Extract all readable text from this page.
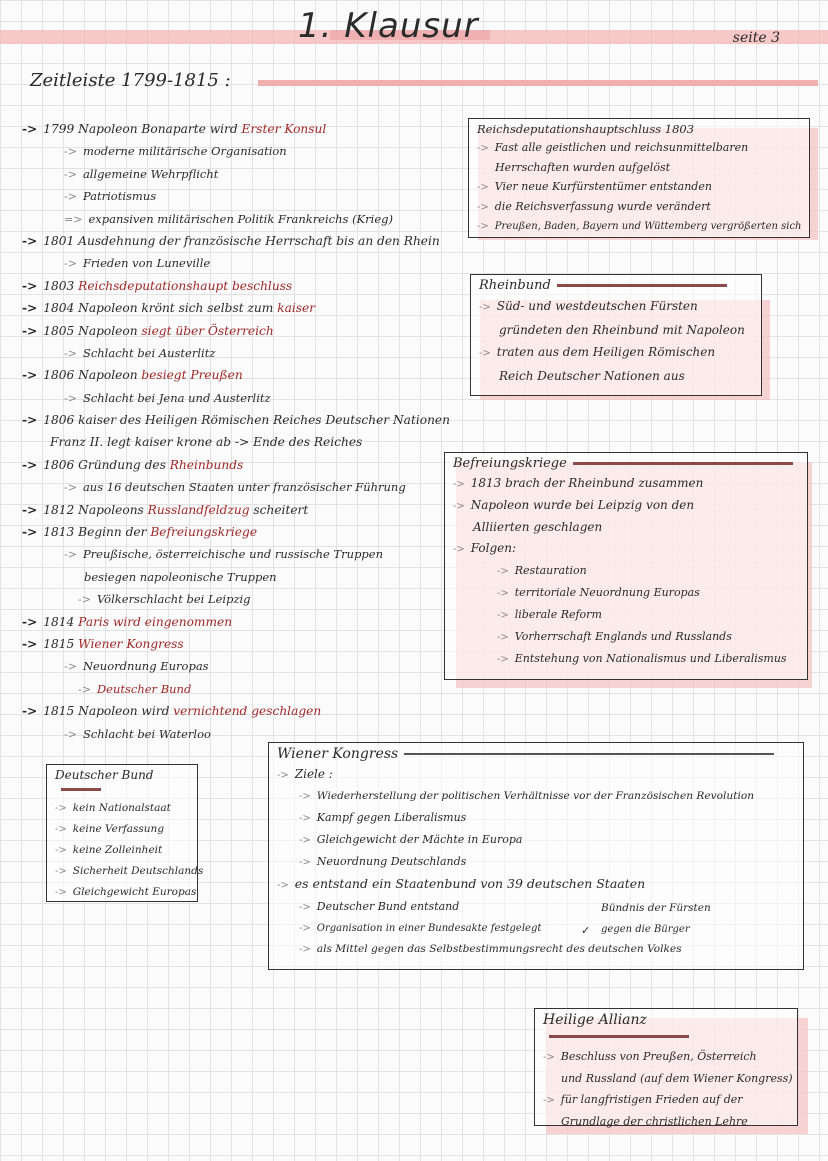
1. Klausur	seite 3
Zeitleiste 1799-1815 :
-> 1799 Napoleon Bonaparte wird Erster Konsul
-> moderne militärische Organisation
-> allgemeine Wehrpflicht
-> Patriotismus
=> expansiven militärischen Politik Frankreichs (Krieg)
-> 1801 Ausdehnung der französische Herrschaft bis an den Rhein
-> Frieden von Luneville
-> 1803 Reichsdeputationshaupt beschluss
-> 1804 Napoleon krönt sich selbst zum kaiser
-> 1805 Napoleon siegt über Österreich
-> Schlacht bei Austerlitz
-> 1806 Napoleon besiegt Preußen
-> Schlacht bei Jena und Austerlitz
-> 1806 kaiser des Heiligen Römischen Reiches Deutscher Nationen
Franz II. legt kaiser krone ab -> Ende des Reiches
-> 1806 Gründung des Rheinbunds
-> aus 16 deutschen Staaten unter französischer Führung
-> 1812 Napoleons Russlandfeldzug scheitert
-> 1813 Beginn der Befreiungskriege
-> Preußische, österreichische und russische Truppen
besiegen napoleonische Truppen
-> Völkerschlacht bei Leipzig
-> 1814 Paris wird eingenommen
-> 1815 Wiener Kongress
-> Neuordnung Europas
-> Deutscher Bund
-> 1815 Napoleon wird vernichtend geschlagen
-> Schlacht bei Waterloo
Reichsdeputationshauptschluss 1803
-> Fast alle geistlichen und reichsunmittelbaren
Herrschaften wurden aufgelöst
-> Vier neue Kurfürstentümer entstanden
-> die Reichsverfassung wurde verändert
-> Preußen, Baden, Bayern und Wüttemberg vergrößerten sich
Rheinbund
-> Süd- und westdeutschen Fürsten
gründeten den Rheinbund mit Napoleon
-> traten aus dem Heiligen Römischen
Reich Deutscher Nationen aus
Befreiungskriege
-> 1813 brach der Rheinbund zusammen
-> Napoleon wurde bei Leipzig von den
Alliierten geschlagen
-> Folgen:
-> Restauration
-> territoriale Neuordnung Europas
-> liberale Reform
-> Vorherrschaft Englands und Russlands
-> Entstehung von Nationalismus und Liberalismus
Wiener Kongress
-> Ziele :
-> Wiederherstellung der politischen Verhältnisse vor der Französischen Revolution
-> Kampf gegen Liberalismus
-> Gleichgewicht der Mächte in Europa
-> Neuordnung Deutschlands
-> es entstand ein Staatenbund von 39 deutschen Staaten
-> Deutscher Bund entstand
-> Organisation in einer Bundesakte festgelegt
-> als Mittel gegen das Selbstbestimmungsrecht des deutschen Volkes
Bündnis der Fürsten
✓ gegen die Bürger
Deutscher Bund
-> kein Nationalstaat
-> keine Verfassung
-> keine Zolleinheit
-> Sicherheit Deutschlands
-> Gleichgewicht Europas
Heilige Allianz
-> Beschluss von Preußen, Österreich
und Russland (auf dem Wiener Kongress)
-> für langfristigen Frieden auf der
Grundlage der christlichen Lehre
